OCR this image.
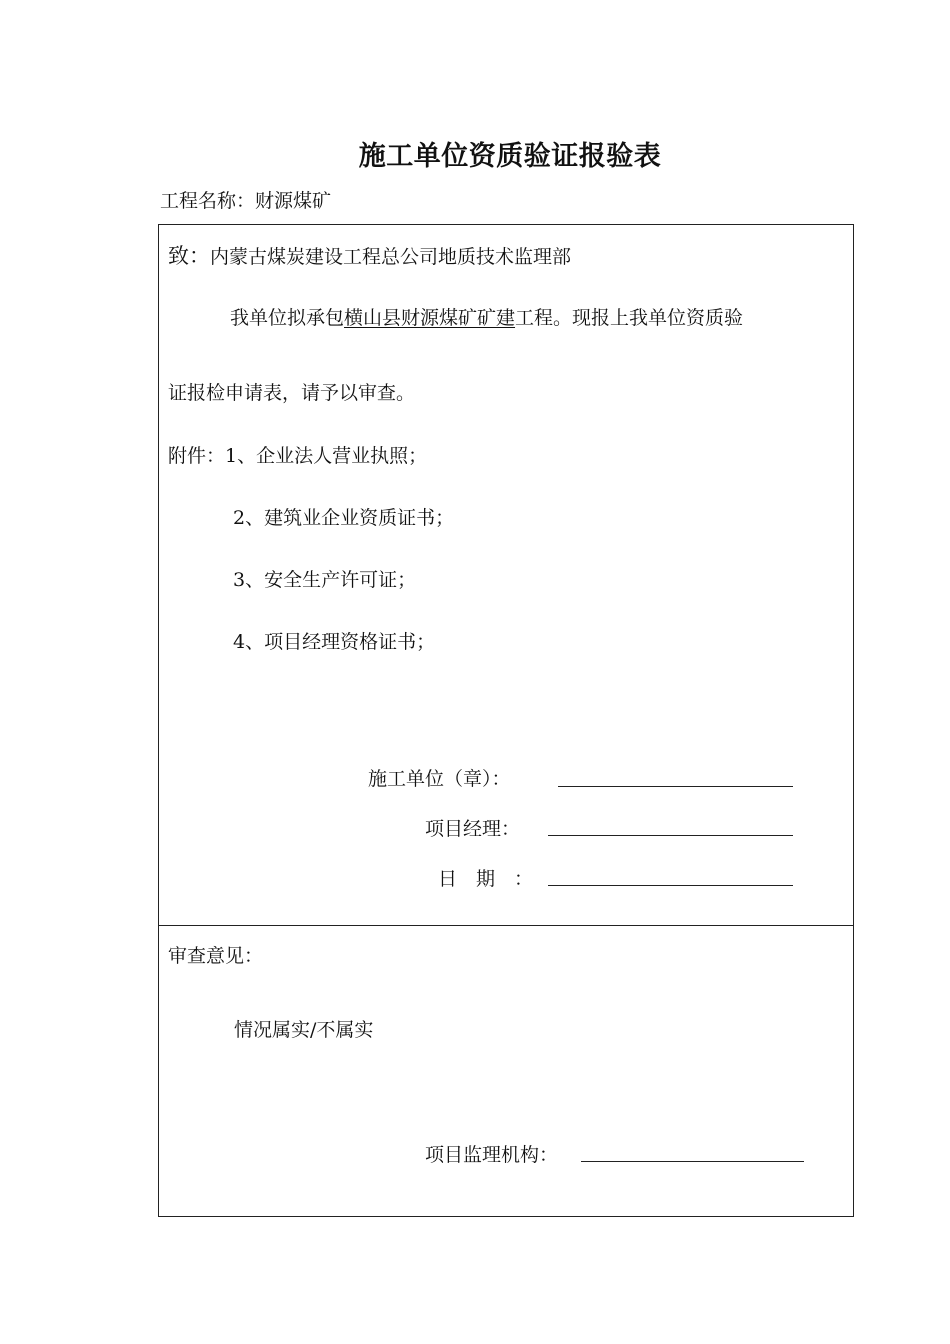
施工单位资质验证报验表
工程名称：财源煤矿
致：内蒙古煤炭建设工程总公司地质技术监理部
我单位拟承包横山县财源煤矿矿建工程。现报上我单位资质验
证报检申请表，请予以审查。
附件：1、企业法人营业执照；
2、建筑业企业资质证书；
3、安全生产许可证；
4、项目经理资格证书；
施工单位（章）：
项目经理：
日　期　：
审查意见：
情况属实/不属实
项目监理机构：
